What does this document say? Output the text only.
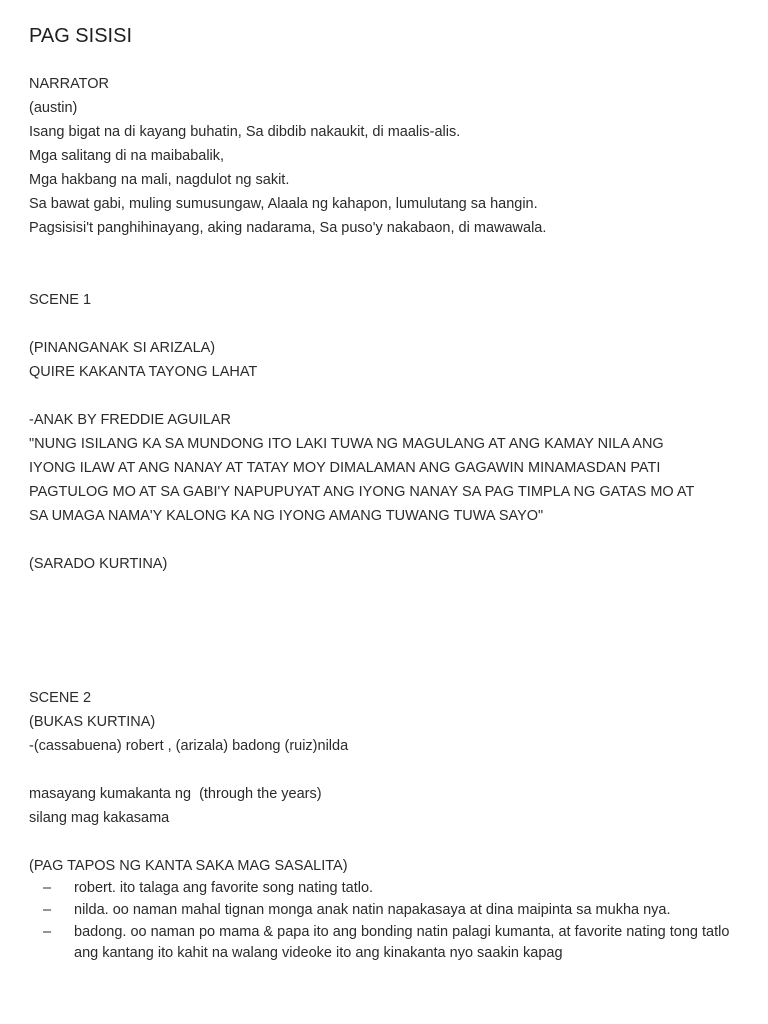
PAG SISISI
NARRATOR
(austin)
Isang bigat na di kayang buhatin, Sa dibdib nakaukit, di maalis-alis.
Mga salitang di na maibabalik,
Mga hakbang na mali, nagdulot ng sakit.
Sa bawat gabi, muling sumusungaw, Alaala ng kahapon, lumulutang sa hangin.
Pagsisisi't panghihinayang, aking nadarama, Sa puso'y nakabaon, di mawawala.
SCENE 1
(PINANGANAK SI ARIZALA)
QUIRE KAKANTA TAYONG LAHAT
-ANAK BY FREDDIE AGUILAR
"NUNG ISILANG KA SA MUNDONG ITO LAKI TUWA NG MAGULANG AT ANG KAMAY NILA ANG
IYONG ILAW AT ANG NANAY AT TATAY MOY DIMALAMAN ANG GAGAWIN MINAMASDAN PATI
PAGTULOG MO AT SA GABI'Y NAPUPUYAT ANG IYONG NANAY SA PAG TIMPLA NG GATAS MO AT
SA UMAGA NAMA'Y KALONG KA NG IYONG AMANG TUWANG TUWA SAYO"
(SARADO KURTINA)
SCENE 2
(BUKAS KURTINA)
-(cassabuena) robert , (arizala) badong (ruiz)nilda
masayang kumakanta ng  (through the years)
silang mag kakasama
(PAG TAPOS NG KANTA SAKA MAG SASALITA)
– robert. ito talaga ang favorite song nating tatlo.
– nilda. oo naman mahal tignan monga anak natin napakasaya at dina maipinta sa mukha nya.
– badong. oo naman po mama & papa ito ang bonding natin palagi kumanta, at favorite nating tong tatlo ang kantang ito kahit na walang videoke ito ang kinakanta nyo saakin kapag
